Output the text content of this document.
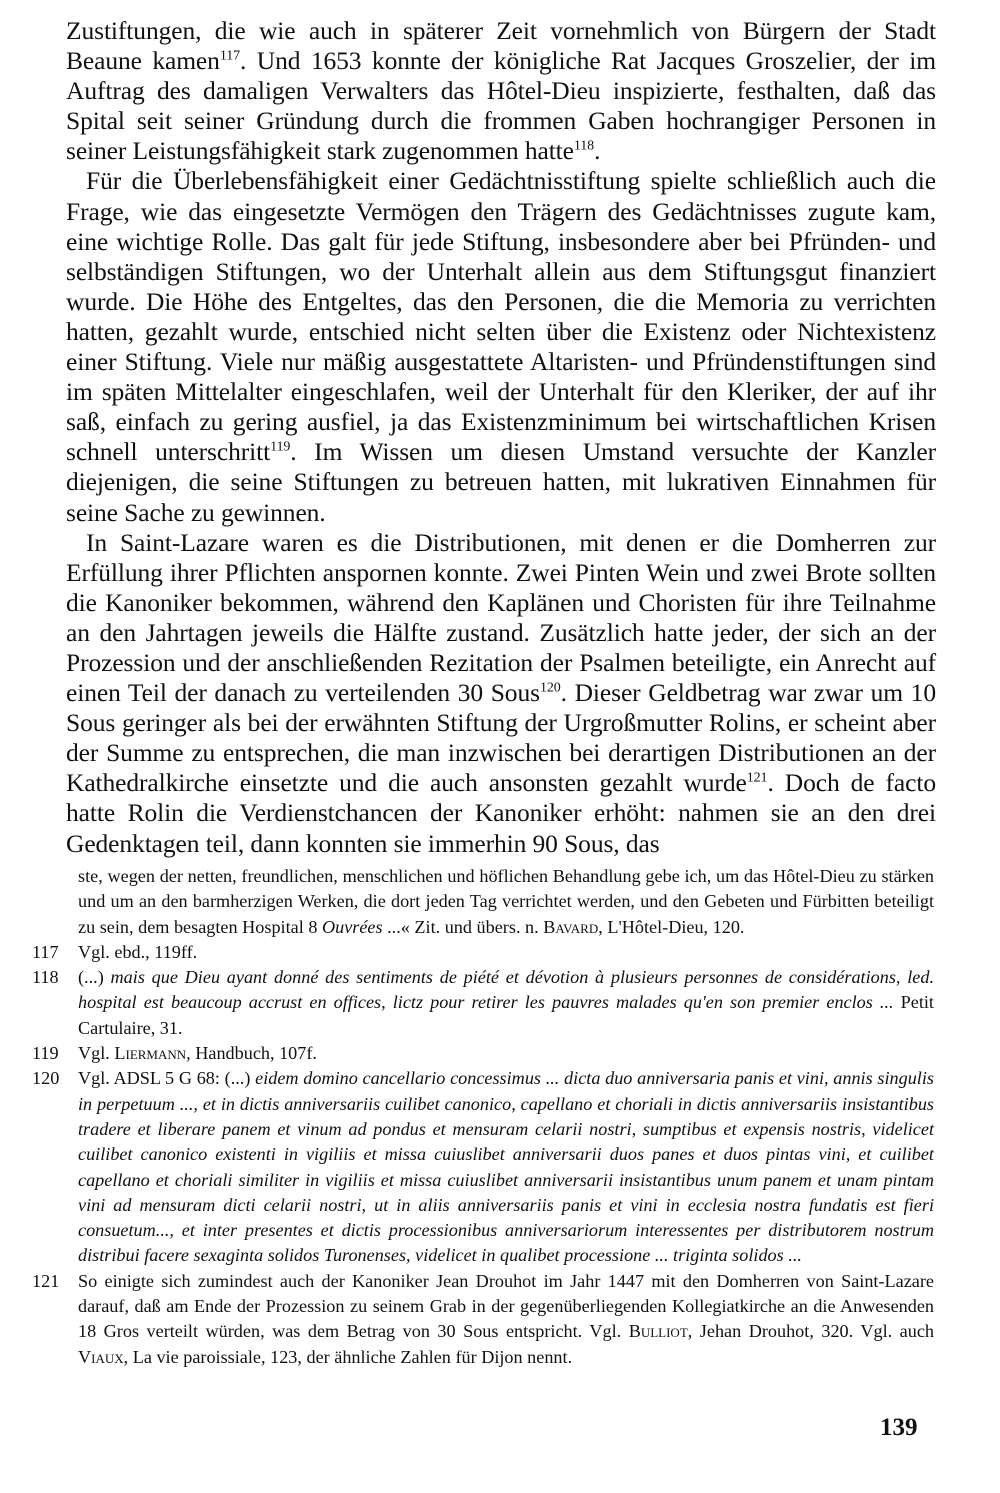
Zustiftungen, die wie auch in späterer Zeit vornehmlich von Bürgern der Stadt Beaune kamen$^{117}$. Und 1653 konnte der königliche Rat Jacques Groszelier, der im Auftrag des damaligen Verwalters das Hôtel-Dieu inspizierte, festhalten, daß das Spital seit seiner Gründung durch die frommen Gaben hochrangiger Personen in seiner Leistungsfähigkeit stark zugenommen hatte$^{118}$.

Für die Überlebensfähigkeit einer Gedächtnisstiftung spielte schließlich auch die Frage, wie das eingesetzte Vermögen den Trägern des Gedächtnisses zugute kam, eine wichtige Rolle. Das galt für jede Stiftung, insbesondere aber bei Pfründen- und selbständigen Stiftungen, wo der Unterhalt allein aus dem Stiftungsgut finanziert wurde. Die Höhe des Entgeltes, das den Personen, die die Memoria zu verrichten hatten, gezahlt wurde, entschied nicht selten über die Existenz oder Nichtexistenz einer Stiftung. Viele nur mäßig ausgestattete Altaristen- und Pfründenstiftungen sind im späten Mittelalter eingeschlafen, weil der Unterhalt für den Kleriker, der auf ihr saß, einfach zu gering ausfiel, ja das Existenzminimum bei wirtschaftlichen Krisen schnell unterschritt$^{119}$. Im Wissen um diesen Umstand versuchte der Kanzler diejenigen, die seine Stiftungen zu betreuen hatten, mit lukrativen Einnahmen für seine Sache zu gewinnen.

In Saint-Lazare waren es die Distributionen, mit denen er die Domherren zur Erfüllung ihrer Pflichten anspornen konnte. Zwei Pinten Wein und zwei Brote sollten die Kanoniker bekommen, während den Kaplänen und Choristen für ihre Teilnahme an den Jahrtagen jeweils die Hälfte zustand. Zusätzlich hatte jeder, der sich an der Prozession und der anschließenden Rezitation der Psalmen beteiligte, ein Anrecht auf einen Teil der danach zu verteilenden 30 Sous$^{120}$. Dieser Geldbetrag war zwar um 10 Sous geringer als bei der erwähnten Stiftung der Urgroßmutter Rolins, er scheint aber der Summe zu entsprechen, die man inzwischen bei derartigen Distributionen an der Kathedralkirche einsetzte und die auch ansonsten gezahlt wurde$^{121}$. Doch de facto hatte Rolin die Verdienstchancen der Kanoniker erhöht: nahmen sie an den drei Gedenktagen teil, dann konnten sie immerhin 90 Sous, das

ste, wegen der netten, freundlichen, menschlichen und höflichen Behandlung gebe ich, um das Hôtel-Dieu zu stärken und um an den barmherzigen Werken, die dort jeden Tag verrichtet werden, und den Gebeten und Fürbitten beteiligt zu sein, dem besagten Hospital 8 Ouvrées ...« Zit. und übers. n. Bavard, L'Hôtel-Dieu, 120.

117	Vgl. ebd., 119ff.
118	(...) mais que Dieu ayant donné des sentiments de piété et dévotion à plusieurs personnes de considérations, led. hospital est beaucoup accrust en offices, lictz pour retirer les pauvres malades qu'en son premier enclos ... Petit Cartulaire, 31.
119	Vgl. Liermann, Handbuch, 107f.
120	Vgl. ADSL 5 G 68: (...) eidem domino cancellario concessimus ... dicta duo anniversaria panis et vini, annis singulis in perpetuum ..., et in dictis anniversariis cuilibet canonico, capellano et choriali in dictis anniversariis insistantibus tradere et liberare panem et vinum ad pondus et mensuram celarii nostri, sumptibus et expensis nostris, videlicet cuilibet canonico existenti in vigiliis et missa cuiuslibet anniversarii duos panes et duos pintas vini, et cuilibet capellano et choriali similiter in vigiliis et missa cuiuslibet anniversarii insistantibus unum panem et unam pintam vini ad mensuram dicti celarii nostri, ut in aliis anniversariis panis et vini in ecclesia nostra fundatis est fieri consuetum..., et inter presentes et dictis processionibus anniversariorum interessentes per distributorem nostrum distribui facere sexaginta solidos Turonenses, videlicet in qualibet processione ... triginta solidos ...
121	So einigte sich zumindest auch der Kanoniker Jean Drouhot im Jahr 1447 mit den Domherren von Saint-Lazare darauf, daß am Ende der Prozession zu seinem Grab in der gegenüberliegenden Kollegiatkirche an die Anwesenden 18 Gros verteilt würden, was dem Betrag von 30 Sous entspricht. Vgl. Bulliot, Jehan Drouhot, 320. Vgl. auch Viaux, La vie paroissiale, 123, der ähnliche Zahlen für Dijon nennt.
139
